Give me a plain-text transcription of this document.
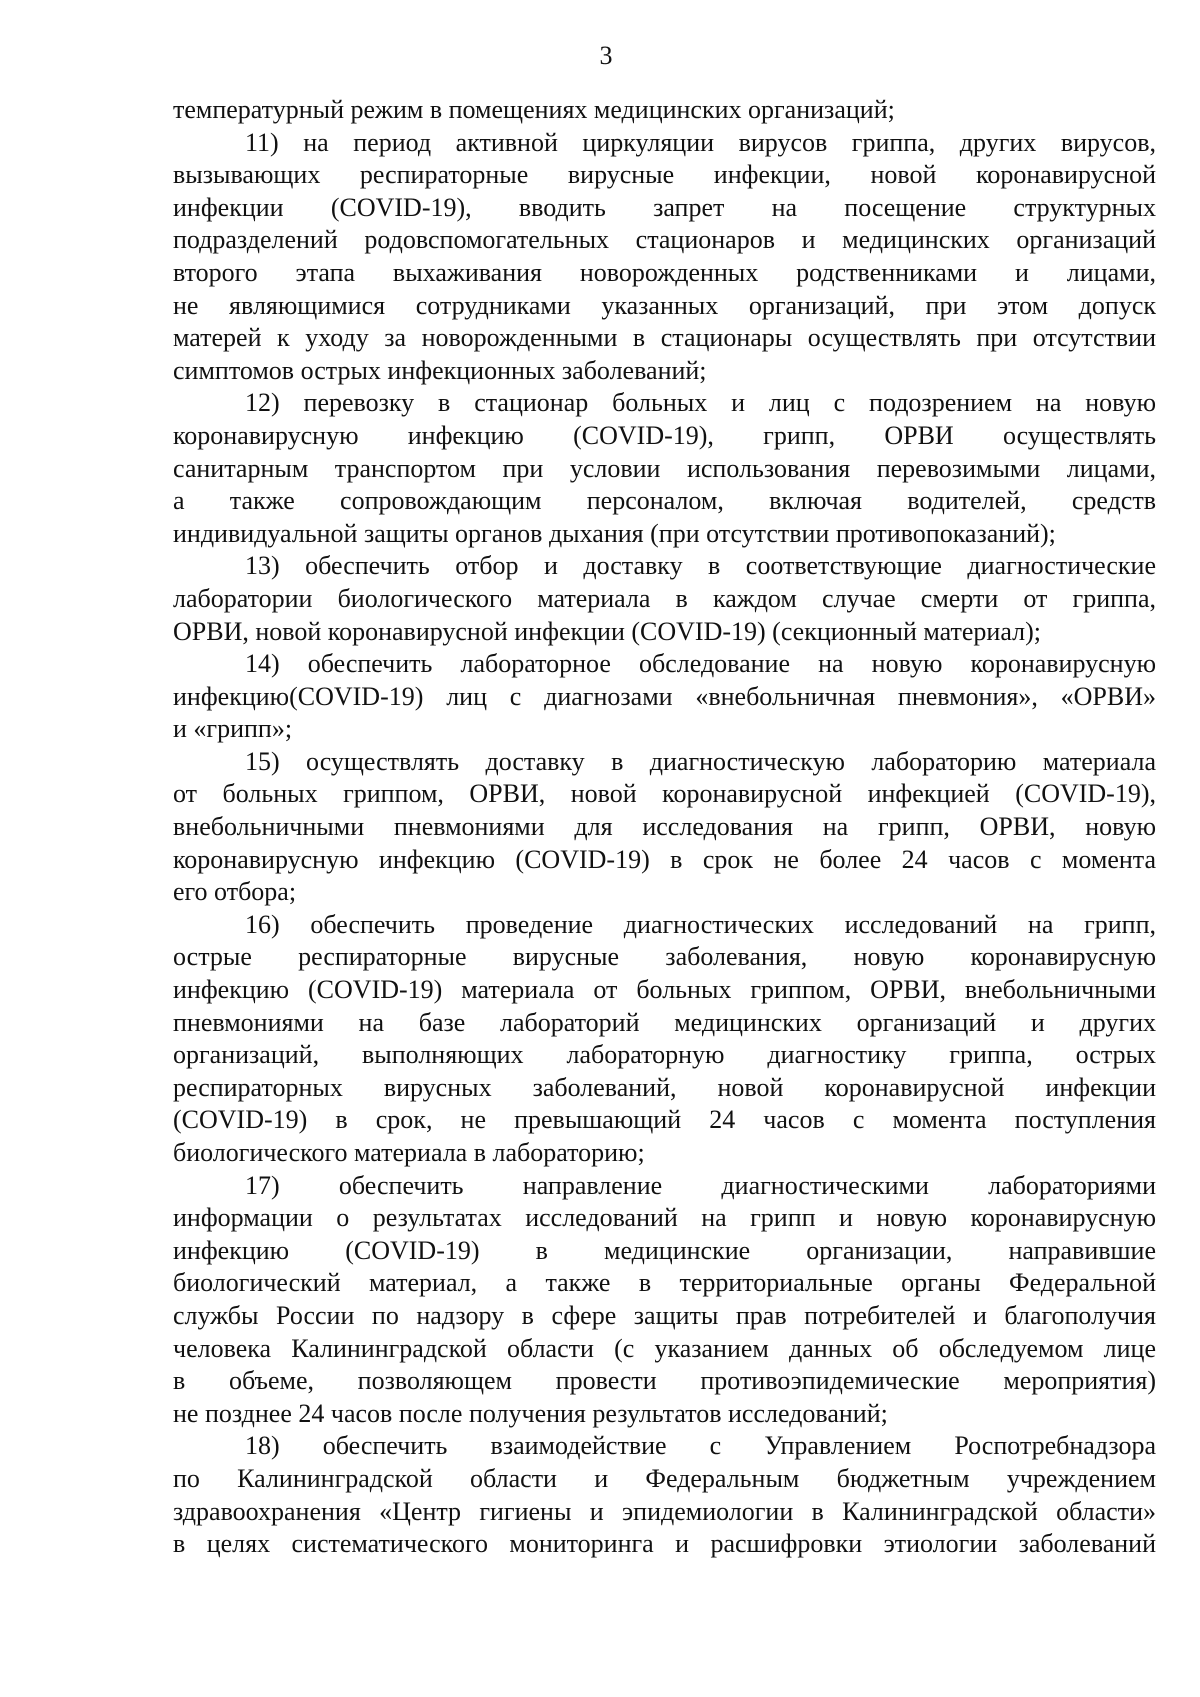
3
температурный режим в помещениях медицинских организаций;
11) на период активной циркуляции вирусов гриппа, других вирусов,
вызывающих респираторные вирусные инфекции, новой коронавирусной
инфекции (COVID-19), вводить запрет на посещение структурных
подразделений родовспомогательных стационаров и медицинских организаций
второго этапа выхаживания новорожденных родственниками и лицами,
не являющимися сотрудниками указанных организаций, при этом допуск
матерей к уходу за новорожденными в стационары осуществлять при отсутствии
симптомов острых инфекционных заболеваний;
12) перевозку в стационар больных и лиц с подозрением на новую
коронавирусную инфекцию (COVID-19), грипп, ОРВИ осуществлять
санитарным транспортом при условии использования перевозимыми лицами,
а также сопровождающим персоналом, включая водителей, средств
индивидуальной защиты органов дыхания (при отсутствии противопоказаний);
13) обеспечить отбор и доставку в соответствующие диагностические
лаборатории биологического материала в каждом случае смерти от гриппа,
ОРВИ, новой коронавирусной инфекции (COVID-19) (секционный материал);
14) обеспечить лабораторное обследование на новую коронавирусную
инфекцию(COVID-19) лиц с диагнозами «внебольничная пневмония», «ОРВИ»
и «грипп»;
15) осуществлять доставку в диагностическую лабораторию материала
от больных гриппом, ОРВИ, новой коронавирусной инфекцией (COVID-19),
внебольничными пневмониями для исследования на грипп, ОРВИ, новую
коронавирусную инфекцию (COVID-19) в срок не более 24 часов с момента
его отбора;
16) обеспечить проведение диагностических исследований на грипп,
острые респираторные вирусные заболевания, новую коронавирусную
инфекцию (COVID-19) материала от больных гриппом, ОРВИ, внебольничными
пневмониями на базе лабораторий медицинских организаций и других
организаций, выполняющих лабораторную диагностику гриппа, острых
респираторных вирусных заболеваний, новой коронавирусной инфекции
(COVID-19) в срок, не превышающий 24 часов с момента поступления
биологического материала в лабораторию;
17) обеспечить направление диагностическими лабораториями
информации о результатах исследований на грипп и новую коронавирусную
инфекцию (COVID-19) в медицинские организации, направившие
биологический материал, а также в территориальные органы Федеральной
службы России по надзору в сфере защиты прав потребителей и благополучия
человека Калининградской области (с указанием данных об обследуемом лице
в объеме, позволяющем провести противоэпидемические мероприятия)
не позднее 24 часов после получения результатов исследований;
18) обеспечить взаимодействие с Управлением Роспотребнадзора
по Калининградской области и Федеральным бюджетным учреждением
здравоохранения «Центр гигиены и эпидемиологии в Калининградской области»
в целях систематического мониторинга и расшифровки этиологии заболеваний
